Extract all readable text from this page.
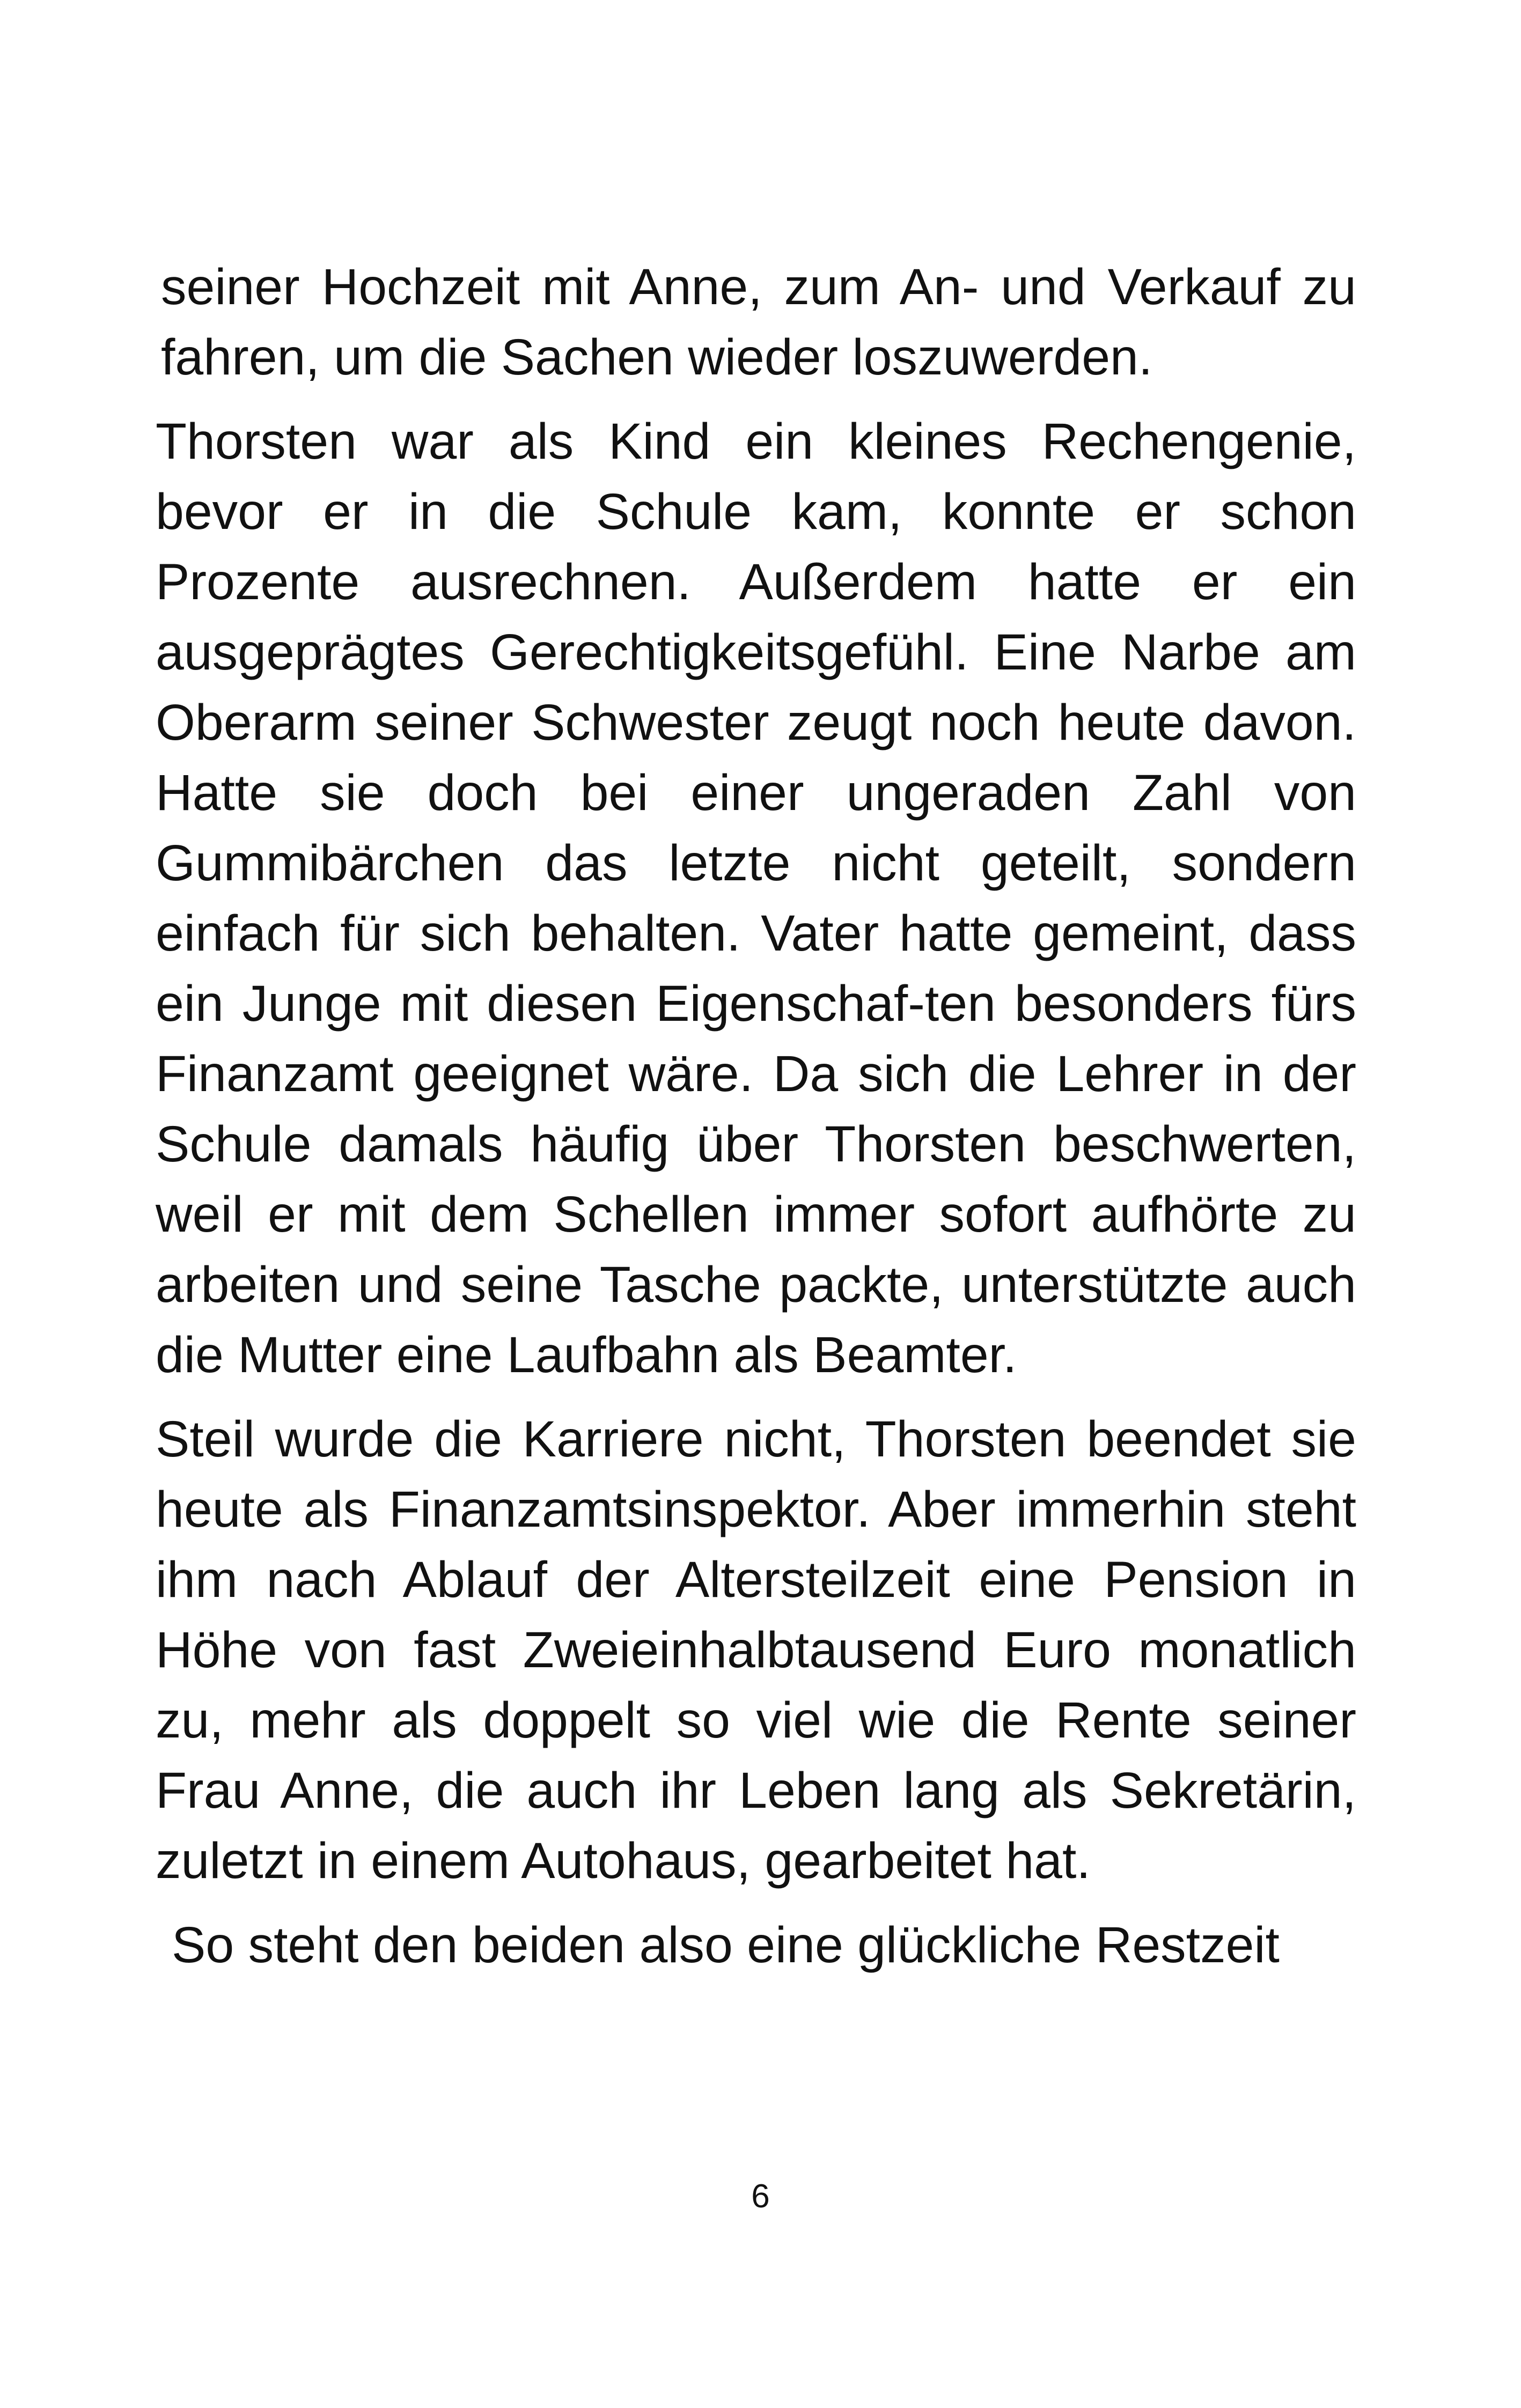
seiner Hochzeit mit Anne, zum An- und Verkauf zu fahren, um die Sachen wieder loszuwerden.

Thorsten war als Kind ein kleines Rechengenie, bevor er in die Schule kam, konnte er schon Prozente ausrechnen. Außerdem hatte er ein ausgeprägtes Gerechtigkeitsgefühl. Eine Narbe am Oberarm seiner Schwester zeugt noch heute davon. Hatte sie doch bei einer ungeraden Zahl von Gummibärchen das letzte nicht geteilt, sondern einfach für sich behalten. Vater hatte gemeint, dass ein Junge mit diesen Eigenschaf-ten besonders fürs Finanzamt geeignet wäre. Da sich die Lehrer in der Schule damals häufig über Thorsten beschwerten, weil er mit dem Schellen immer sofort aufhörte zu arbeiten und seine Tasche packte, unterstützte auch die Mutter eine Laufbahn als Beamter.

Steil wurde die Karriere nicht, Thorsten beendet sie heute als Finanzamtsinspektor. Aber immerhin steht ihm nach Ablauf der Altersteilzeit eine Pension in Höhe von fast Zweieinhalbtausend Euro monatlich zu, mehr als doppelt so viel wie die Rente seiner Frau Anne, die auch ihr Leben lang als Sekretärin, zuletzt in einem Autohaus, gearbeitet hat.

So steht den beiden also eine glückliche Restzeit

6
